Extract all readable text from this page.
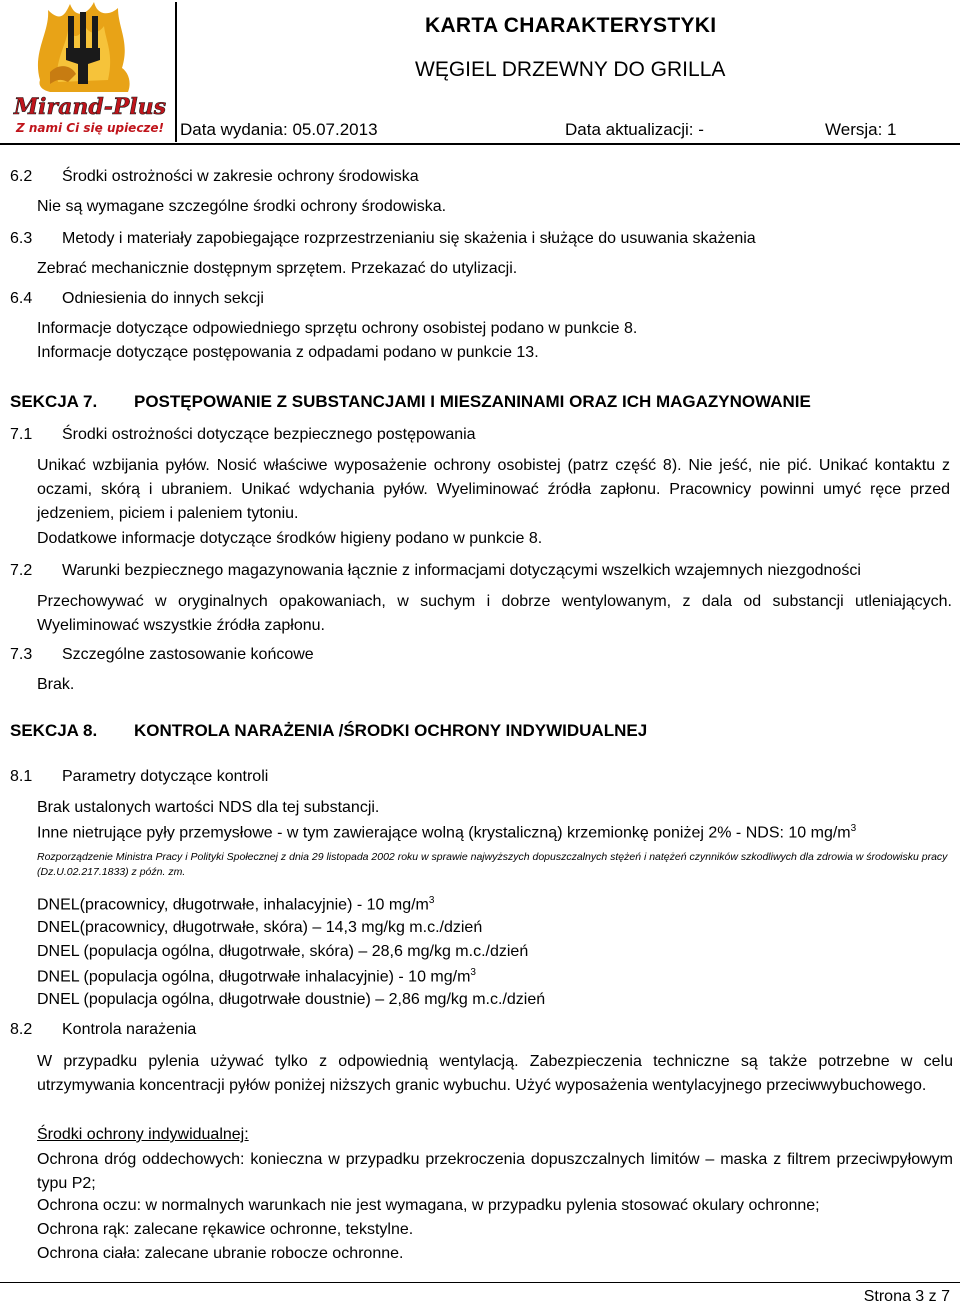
Mirand-Plus
Z nami Ci się upiecze!
KARTA CHARAKTERYSTYKI
WĘGIEL DRZEWNY DO GRILLA
Data wydania: 05.07.2013	Data aktualizacji: -	Wersja: 1
6.2 Środki ostrożności w zakresie ochrony środowiska
Nie są wymagane szczególne środki ochrony środowiska.
6.3 Metody i materiały zapobiegające rozprzestrzenianiu się skażenia i służące do usuwania skażenia
Zebrać mechanicznie dostępnym sprzętem. Przekazać do utylizacji.
6.4 Odniesienia do innych sekcji
Informacje dotyczące odpowiedniego sprzętu ochrony osobistej podano w punkcie 8.
Informacje dotyczące postępowania z odpadami podano w punkcie 13.
SEKCJA 7. POSTĘPOWANIE Z SUBSTANCJAMI I MIESZANINAMI ORAZ ICH MAGAZYNOWANIE
7.1 Środki ostrożności dotyczące bezpiecznego postępowania
Unikać wzbijania pyłów. Nosić właściwe wyposażenie ochrony osobistej (patrz część 8). Nie jeść, nie pić. Unikać kontaktu z oczami, skórą i ubraniem. Unikać wdychania pyłów. Wyeliminować źródła zapłonu. Pracownicy powinni umyć ręce przed jedzeniem, piciem i paleniem tytoniu.
Dodatkowe informacje dotyczące środków higieny podano w punkcie 8.
7.2 Warunki bezpiecznego magazynowania łącznie z informacjami dotyczącymi wszelkich wzajemnych niezgodności
Przechowywać w oryginalnych opakowaniach, w suchym i dobrze wentylowanym, z dala od substancji utleniających. Wyeliminować wszystkie źródła zapłonu.
7.3 Szczególne zastosowanie końcowe
Brak.
SEKCJA 8. KONTROLA NARAŻENIA /ŚRODKI OCHRONY INDYWIDUALNEJ
8.1 Parametry dotyczące kontroli
Brak ustalonych wartości NDS dla tej substancji.
Inne nietrujące pyły przemysłowe - w tym zawierające wolną (krystaliczną) krzemionkę poniżej 2% - NDS: 10 $mg/m^3$
Rozporządzenie Ministra Pracy i Polityki Społecznej z dnia 29 listopada 2002 roku w sprawie najwyższych dopuszczalnych stężeń i natężeń czynników szkodliwych dla zdrowia w środowisku pracy (Dz.U.02.217.1833) z późn. zm.
DNEL(pracownicy, długotrwałe, inhalacyjnie) - 10 $mg/m^3$
DNEL(pracownicy, długotrwałe, skóra) – 14,3 mg/kg m.c./dzień
DNEL (populacja ogólna, długotrwałe, skóra) – 28,6 mg/kg m.c./dzień
DNEL (populacja ogólna, długotrwałe inhalacyjnie) - 10 $mg/m^3$
DNEL (populacja ogólna, długotrwałe doustnie) – 2,86 mg/kg m.c./dzień
8.2 Kontrola narażenia
W przypadku pylenia używać tylko z odpowiednią wentylacją. Zabezpieczenia techniczne są także potrzebne w celu utrzymywania koncentracji pyłów poniżej niższych granic wybuchu. Użyć wyposażenia wentylacyjnego przeciwwybuchowego.
Środki ochrony indywidualnej:
Ochrona dróg oddechowych: konieczna w przypadku przekroczenia dopuszczalnych limitów – maska z filtrem przeciwpyłowym typu P2;
Ochrona oczu: w normalnych warunkach nie jest wymagana, w przypadku pylenia stosować okulary ochronne;
Ochrona rąk: zalecane rękawice ochronne, tekstylne.
Ochrona ciała: zalecane ubranie robocze ochronne.
Strona 3 z 7
